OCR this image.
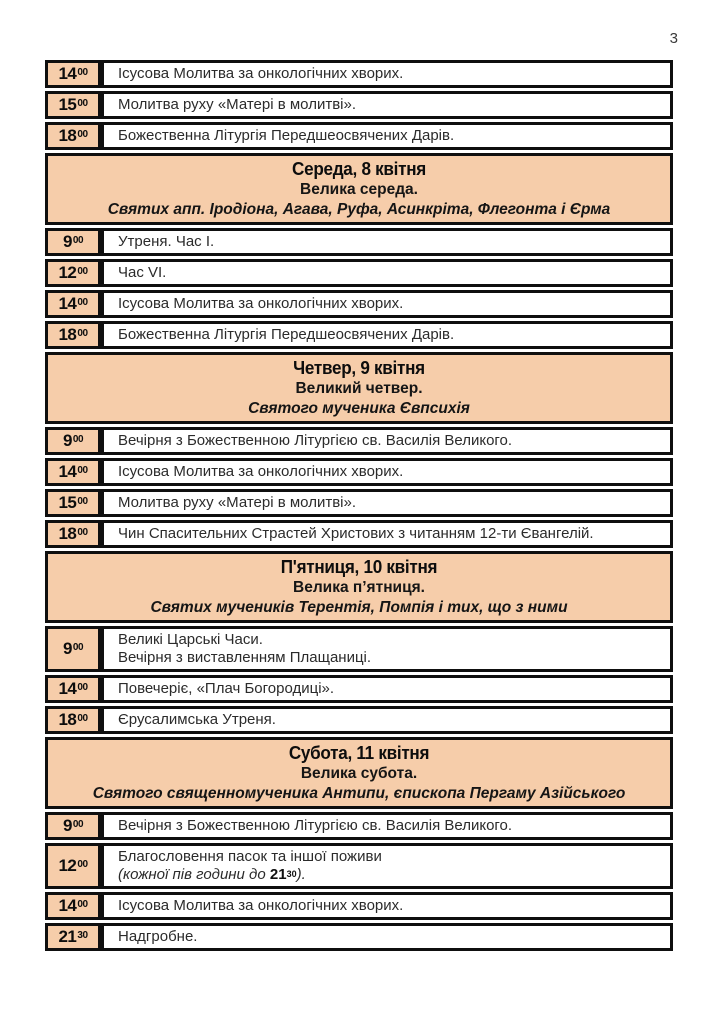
3
14 00 Ісусова Молитва за онкологічних хворих.
15 00 Молитва руху «Матері в молитві».
18 00 Божественна Літургія Передшеосвячених Дарів.
Середа, 8 квітня
Велика середа.
Святих апп. Іродіона, Агава, Руфа, Асинкріта, Флегонта і Єрма
9 00 Утреня. Час І.
12 00 Час VI.
14 00 Ісусова Молитва за онкологічних хворих.
18 00 Божественна Літургія Передшеосвячених Дарів.
Четвер, 9 квітня
Великий четвер.
Святого мученика Євпсихія
9 00 Вечірня з Божественною Літургією св. Василія Великого.
14 00 Ісусова Молитва за онкологічних хворих.
15 00 Молитва руху «Матері в молитві».
18 00 Чин Спасительних Страстей Христових з читанням 12-ти Євангелій.
П'ятниця, 10 квітня
Велика п’ятниця.
Святих мучеників Терентія, Помпія і тих, що з ними
9 00 Великі Царські Часи.
Вечірня з виставленням Плащаниці.
14 00 Повечеріє, «Плач Богородиці».
18 00 Єрусалимська Утреня.
Субота, 11 квітня
Велика субота.
Святого священномученика Антипи, єпископа Пергаму Азійського
9 00 Вечірня з Божественною Літургією св. Василія Великого.
12 00 Благословення пасок та іншої поживи
(кожної пів години до $21^{30}$).
14 00 Ісусова Молитва за онкологічних хворих.
21 30 Надгробне.
